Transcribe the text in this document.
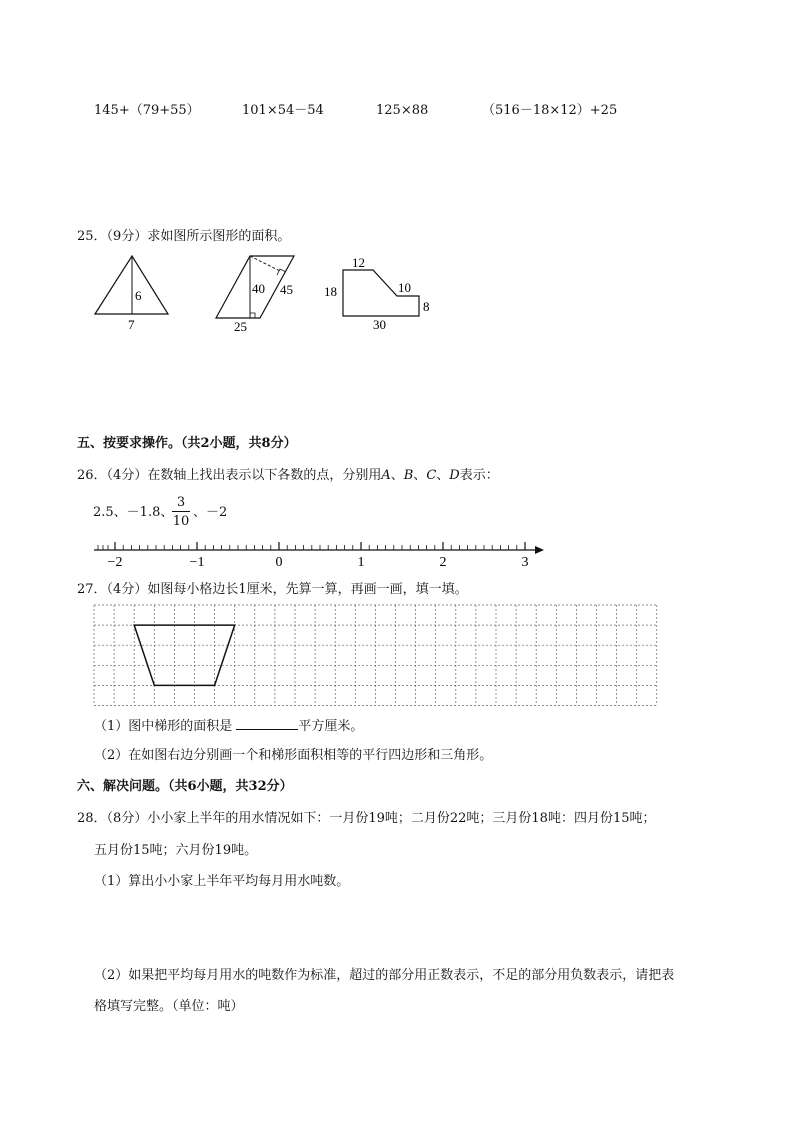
145+（79+55）	101×54－54	125×88	（516－18×12）+25
25．（9分）求如图所示图形的面积。
6
7
40 45
25
12
18	10
8
30
五、按要求操作。（共2小题，共8分）
26．（4分）在数轴上找出表示以下各数的点，分别用A、B、C、D表示：
2.5、－1.8、
3
10
、－2
−2	−1	0	1	2	3
27．（4分）如图每小格边长1厘米，先算一算，再画一画，填一填。
（1）图中梯形的面积是	平方厘米。
（2）在如图右边分别画一个和梯形面积相等的平行四边形和三角形。
六、解决问题。（共6小题，共32分）
28．（8分）小小家上半年的用水情况如下：一月份19吨；二月份22吨；三月份18吨：四月份15吨；
五月份15吨；六月份19吨。
（1）算出小小家上半年平均每月用水吨数。
（2）如果把平均每月用水的吨数作为标准，超过的部分用正数表示，不足的部分用负数表示，请把表
格填写完整。（单位：吨）
